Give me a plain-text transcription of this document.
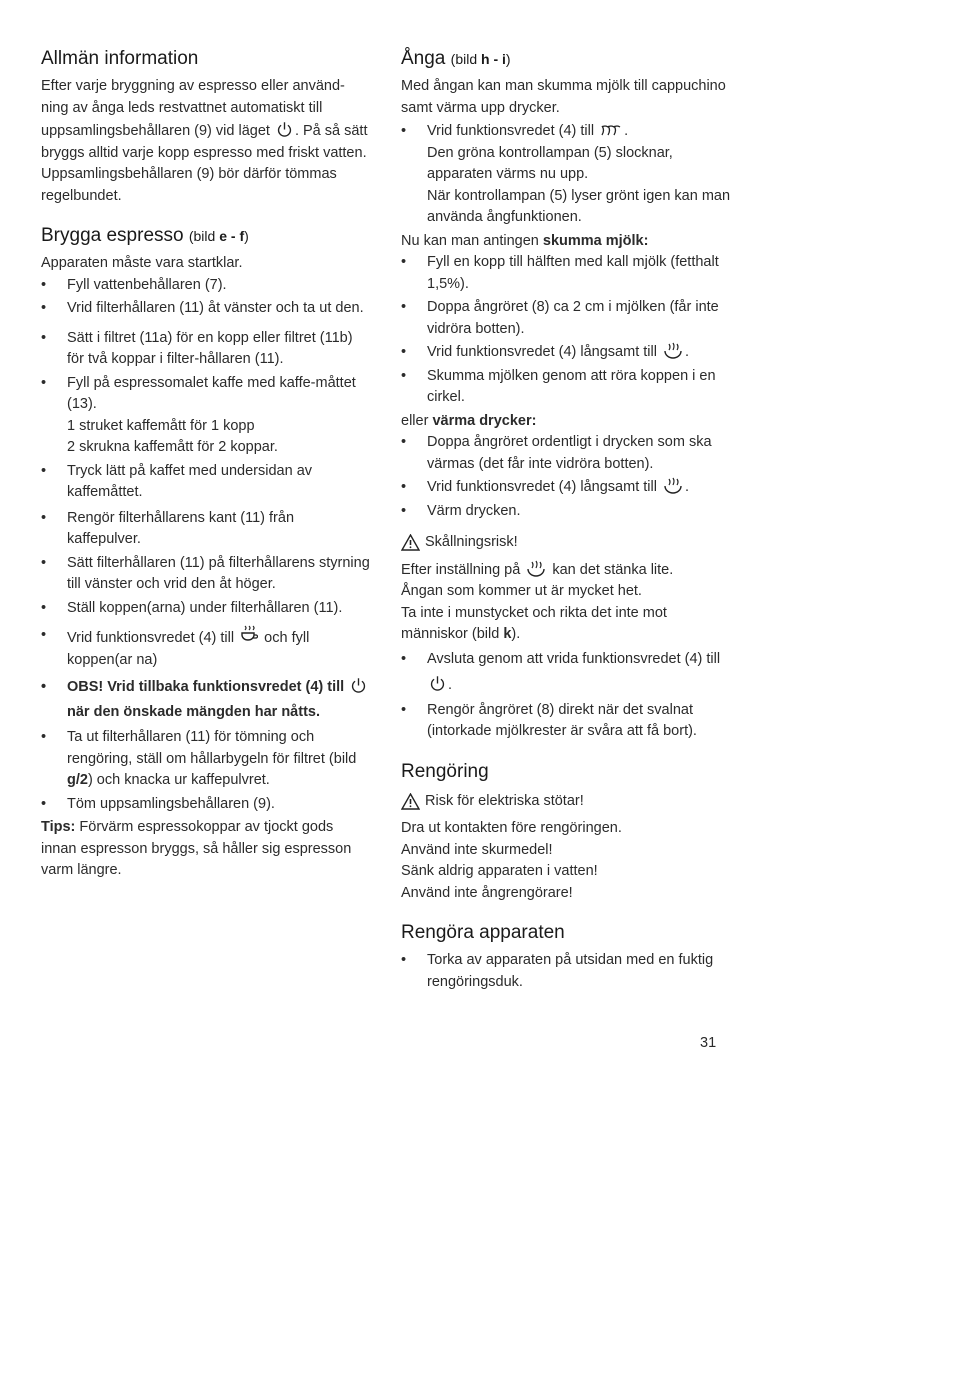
Allmän information

Efter varje bryggning av espresso eller använd-ning av ånga leds restvattnet automatiskt till

uppsamlingsbehållaren (9) vid läget . På så sätt bryggs alltid varje kopp espresso med friskt vatten. Uppsamlingsbehållaren (9) bör därför tömmas regelbundet.

Brygga espresso (bild e - f)

Apparaten måste vara startklar.

• Fyll vattenbehållaren (7).
• Vrid filterhållaren (11) åt vänster och ta ut den.
• Sätt i filtret (11a) för en kopp eller filtret (11b) för två koppar i filter-hållaren (11).
• Fyll på espressomalet kaffe med kaffe-måttet (13).
1 struket kaffemått för 1 kopp
2 skrukna kaffemått för 2 koppar.
• Tryck lätt på kaffet med undersidan av kaffemåttet.
• Rengör filterhållarens kant (11) från kaffepulver.
• Sätt filterhållaren (11) på filterhållarens styrning till vänster och vrid den åt höger.
• Ställ koppen(arna) under filterhållaren (11).
• Vrid funktionsvredet (4) till och fyll koppen(ar na)
• OBS! Vrid tillbaka funktionsvredet (4) till  när den önskade mängden har nåtts.
• Ta ut filterhållaren (11) för tömning och rengöring, ställ om hållarbygeln för filtret (bild g/2) och knacka ur kaffepulvret.
• Töm uppsamlingsbehållaren (9).

Tips: Förvärm espressokoppar av tjockt gods innan espresson bryggs, så håller sig espresson varm längre.

Ånga (bild h - i)

Med ångan kan man skumma mjölk till cappuchino samt värma upp drycker.

• Vrid funktionsvredet (4) till .
Den gröna kontrollampan (5) slocknar, apparaten värms nu upp.
När kontrollampan (5) lyser grönt igen kan man använda ångfunktionen.

Nu kan man antingen skumma mjölk:

• Fyll en kopp till hälften med kall mjölk (fetthalt 1,5%).
• Doppa ångröret (8) ca 2 cm i mjölken (får inte vidröra botten).
• Vrid funktionsvredet (4) långsamt till .
• Skumma mjölken genom att röra koppen i en cirkel.

eller värma drycker:

• Doppa ångröret ordentligt i drycken som ska värmas (det får inte vidröra botten).
• Vrid funktionsvredet (4) långsamt till .
• Värm drycken.
Skållningsrisk!

Efter inställning på kan det stänka lite.

Ångan som kommer ut är mycket het.

Ta inte i munstycket och rikta det inte mot människor (bild k).

• Avsluta genom att vrida funktionsvredet (4) till .
• Rengör ångröret (8) direkt när det svalnat (intorkade mjölkrester är svåra att få bort).
Rengöring
Risk för elektriska stötar!

Dra ut kontakten före rengöringen.

Använd inte skurmedel!

Sänk aldrig apparaten i vatten!

Använd inte ångrengörare!

Rengöra apparaten
• Torka av apparaten på utsidan med en fuktig rengöringsduk.
31
